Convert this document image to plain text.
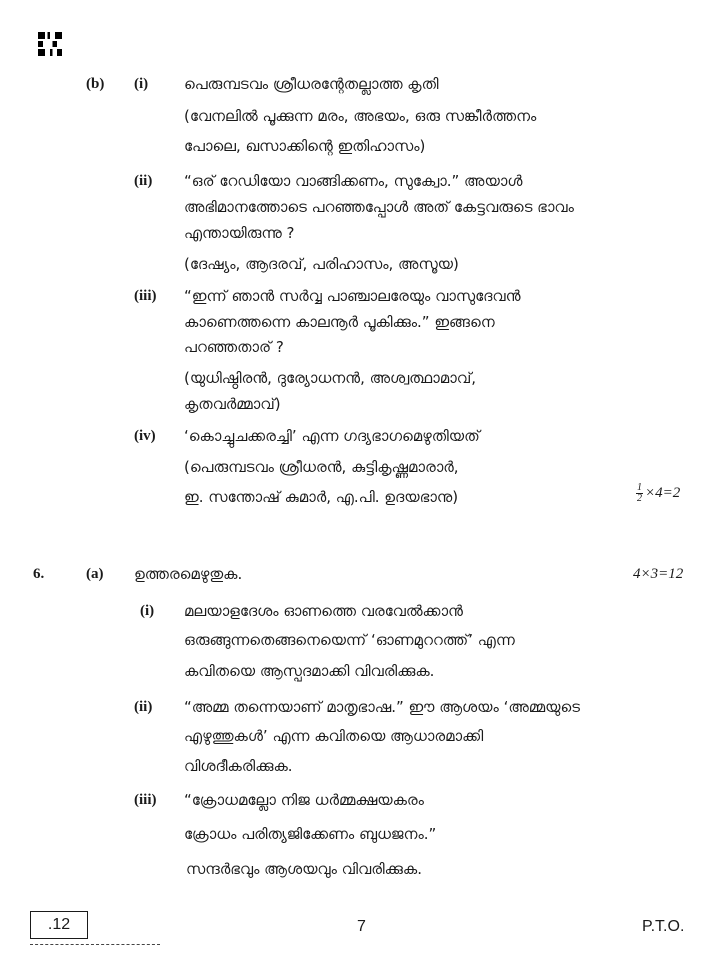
(b) (i) പെരുമ്പടവം ശ്രീധരന്റേതല്ലാത്ത കൃതി
(വേനലിൽ പൂക്കുന്ന മരം, അഭയം, ഒരു സങ്കീർത്തനം
പോലെ, ഖസാക്കിന്റെ ഇതിഹാസം)
(ii) “ഒര് റേഡിയോ വാങ്ങിക്കണം, സുക്വോ.” അയാൾ
അഭിമാനത്തോടെ പറഞ്ഞപ്പോൾ അത് കേട്ടവരുടെ ഭാവം
എന്തായിരുന്നു ?
(ദേഷ്യം, ആദരവ്, പരിഹാസം, അസൂയ)
(iii) “ഇന്ന് ഞാൻ സർവ്വ പാഞ്ചാലരേയും വാസുദേവൻ
കാണെത്തന്നെ കാലനൂർ പൂകിക്കും.” ഇങ്ങനെ
പറഞ്ഞതാര് ?
(യുധിഷ്ഠിരൻ, ദുര്യോധനൻ, അശ്വത്ഥാമാവ്,
കൃതവർമ്മാവ്)
(iv) ‘കൊച്ചുചക്കരച്ചി’ എന്ന ഗദ്യഭാഗമെഴുതിയത്
(പെരുമ്പടവം ശ്രീധരൻ, കുട്ടികൃഷ്ണമാരാർ,
ഇ. സന്തോഷ് കുമാർ, എ.പി. ഉദയഭാനു)	$\frac{1}{2} \times 4=2$
6.	(a) ഉത്തരമെഴുതുക.	4×3=12
(i) മലയാളദേശം ഓണത്തെ വരവേൽക്കാൻ
ഒരുങ്ങുന്നതെങ്ങനെയെന്ന് ‘ഓണമുററത്ത്’ എന്ന
കവിതയെ ആസ്പദമാക്കി വിവരിക്കുക.
(ii) “അമ്മ തന്നെയാണ് മാതൃഭാഷ.” ഈ ആശയം ‘അമ്മയുടെ
എഴുത്തുകൾ’ എന്ന കവിതയെ ആധാരമാക്കി
വിശദീകരിക്കുക.
(iii) “ക്രോധമല്ലോ നിജ ധർമ്മക്ഷയകരം
ക്രോധം പരിത്യജിക്കേണം ബുധജനം.”
സന്ദർഭവും ആശയവും വിവരിക്കുക.
.12	7	P.T.O.
